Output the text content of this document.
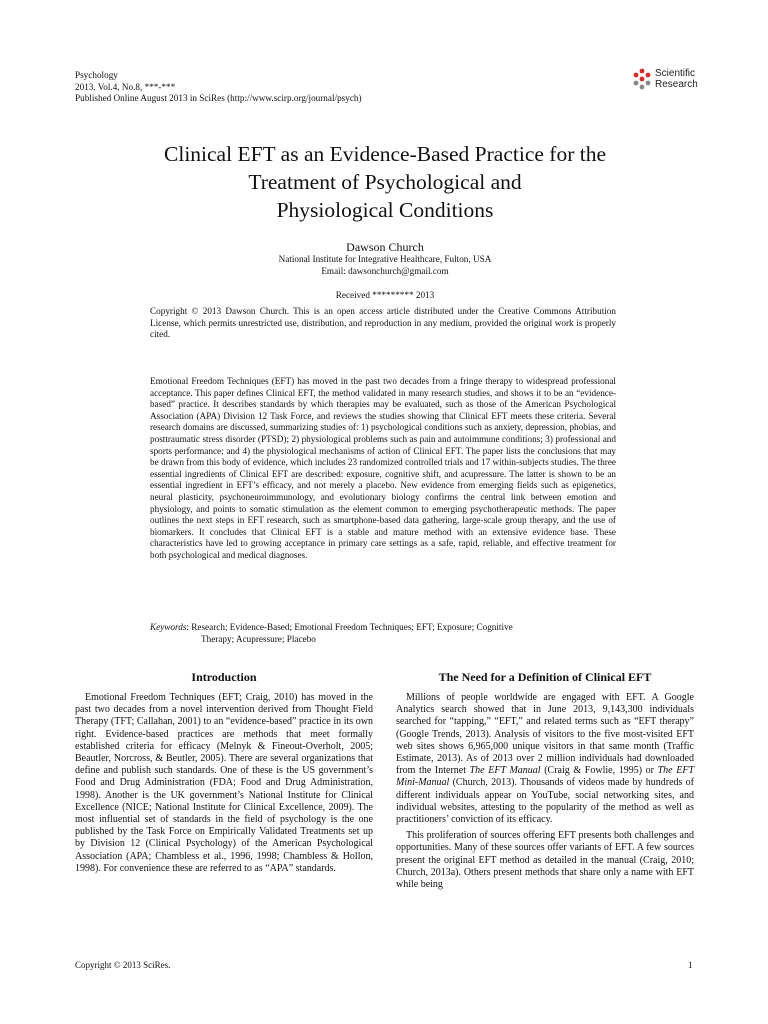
Psychology
2013. Vol.4, No.8, ***-***
Published Online August 2013 in SciRes (http://www.scirp.org/journal/psych)
Scientific
Research
Clinical EFT as an Evidence-Based Practice for the
Treatment of Psychological and
Physiological Conditions
Dawson Church
National Institute for Integrative Healthcare, Fulton, USA
Email: dawsonchurch@gmail.com
Received ********* 2013
Copyright © 2013 Dawson Church. This is an open access article distributed under the Creative Commons Attribution License, which permits unrestricted use, distribution, and reproduction in any medium, provided the original work is properly cited.
Emotional Freedom Techniques (EFT) has moved in the past two decades from a fringe therapy to widespread professional acceptance. This paper defines Clinical EFT, the method validated in many research studies, and shows it to be an “evidence-based” practice. It describes standards by which therapies may be evaluated, such as those of the American Psychological Association (APA) Division 12 Task Force, and reviews the studies showing that Clinical EFT meets these criteria. Several research domains are discussed, summarizing studies of: 1) psychological conditions such as anxiety, depression, phobias, and posttraumatic stress disorder (PTSD); 2) physiological problems such as pain and autoimmune conditions; 3) professional and sports performance; and 4) the physiological mechanisms of action of Clinical EFT. The paper lists the conclusions that may be drawn from this body of evidence, which includes 23 randomized controlled trials and 17 within-subjects studies. The three essential ingredients of Clinical EFT are described: exposure, cognitive shift, and acupressure. The latter is shown to be an essential ingredient in EFT’s efficacy, and not merely a placebo. New evidence from emerging fields such as epigenetics, neural plasticity, psychoneuroimmunology, and evolutionary biology confirms the central link between emotion and physiology, and points to somatic stimulation as the element common to emerging psychotherapeutic methods. The paper outlines the next steps in EFT research, such as smartphone-based data gathering, large-scale group therapy, and the use of biomarkers. It concludes that Clinical EFT is a stable and mature method with an extensive evidence base. These characteristics have led to growing acceptance in primary care settings as a safe, rapid, reliable, and effective treatment for both psychological and medical diagnoses.
Keywords: Research; Evidence-Based; Emotional Freedom Techniques; EFT; Exposure; Cognitive
Therapy; Acupressure; Placebo
Introduction

Emotional Freedom Techniques (EFT; Craig, 2010) has moved in the past two decades from a novel intervention derived from Thought Field Therapy (TFT; Callahan, 2001) to an “evidence-based” practice in its own right. Evidence-based practices are methods that meet formally established criteria for efficacy (Melnyk & Fineout-Overholt, 2005; Beautler, Norcross, & Beutler, 2005). There are several organizations that define and publish such standards. One of these is the US government’s Food and Drug Administration (FDA; Food and Drug Administration, 1998). Another is the UK government’s National Institute for Clinical Excellence (NICE; National Institute for Clinical Excellence, 2009). The most influential set of standards in the field of psychology is the one published by the Task Force on Empirically Validated Treatments set up by Division 12 (Clinical Psychology) of the American Psychological Association (APA; Chambless et al., 1996, 1998; Chambless & Hollon, 1998). For convenience these are referred to as “APA” standards.

The Need for a Definition of Clinical EFT

Millions of people worldwide are engaged with EFT. A Google Analytics search showed that in June 2013, 9,143,300 individuals searched for “tapping,” “EFT,” and related terms such as “EFT therapy” (Google Trends, 2013). Analysis of visitors to the five most-visited EFT web sites shows 6,965,000 unique visitors in that same month (Traffic Estimate, 2013). As of 2013 over 2 million individuals had downloaded from the Internet The EFT Manual (Craig & Fowlie, 1995) or The EFT Mini-Manual (Church, 2013). Thousands of videos made by hundreds of different individuals appear on YouTube, social networking sites, and individual websites, attesting to the popularity of the method as well as practitioners’ conviction of its efficacy.

This proliferation of sources offering EFT presents both challenges and opportunities. Many of these sources offer variants of EFT. A few sources present the original EFT method as detailed in the manual (Craig, 2010; Church, 2013a). Others present methods that share only a name with EFT while being

Copyright © 2013 SciRes.	1
